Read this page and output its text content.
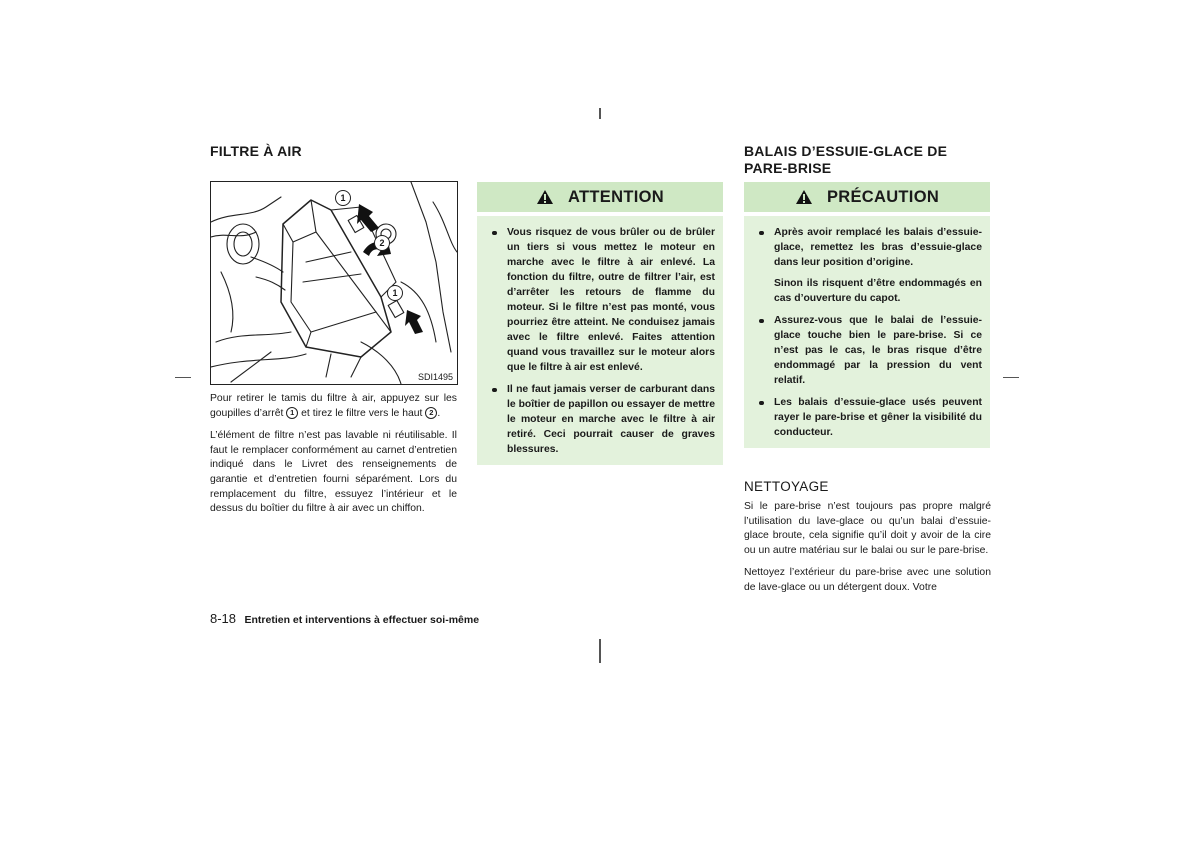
FILTRE À AIR
1
2
1
SDI1495

Pour retirer le tamis du filtre à air, appuyez sur les goupilles d’arrêt 1 et tirez le filtre vers le haut 2 .

L’élément de filtre n’est pas lavable ni réutilisable. Il faut le remplacer conformément au carnet d’entretien indiqué dans le Livret des renseignements de garantie et d’entretien fourni séparément. Lors du remplacement du filtre, essuyez l’intérieur et le dessus du boîtier du filtre à air avec un chiffon.

ATTENTION
Vous risquez de vous brûler ou de brûler un tiers si vous mettez le moteur en marche avec le filtre à air enlevé. La fonction du filtre, outre de filtrer l’air, est d’arrêter les retours de flamme du moteur. Si le filtre n’est pas monté, vous pourriez être atteint. Ne conduisez jamais avec le filtre enlevé. Faites attention quand vous travaillez sur le moteur alors que le filtre à air est enlevé.
Il ne faut jamais verser de carburant dans le boîtier de papillon ou essayer de mettre le moteur en marche avec le filtre à air retiré. Ceci pourrait causer de graves blessures.
BALAIS D’ESSUIE-GLACE DE
PARE-BRISE
PRÉCAUTION
Après avoir remplacé les balais d’essuie-glace, remettez les bras d’essuie-glace dans leur position d’origine.
Sinon ils risquent d’être endommagés en cas d’ouverture du capot.
Assurez-vous que le balai de l’essuie-glace touche bien le pare-brise. Si ce n’est pas le cas, le bras risque d’être endommagé par la pression du vent relatif.
Les balais d’essuie-glace usés peuvent rayer le pare-brise et gêner la visibilité du conducteur.
NETTOYAGE

Si le pare-brise n’est toujours pas propre malgré l’utilisation du lave-glace ou qu’un balai d’essuie-glace broute, cela signifie qu’il doit y avoir de la cire ou un autre matériau sur le balai ou sur le pare-brise.

Nettoyez l’extérieur du pare-brise avec une solution de lave-glace ou un détergent doux. Votre

8-18 Entretien et interventions à effectuer soi-même
